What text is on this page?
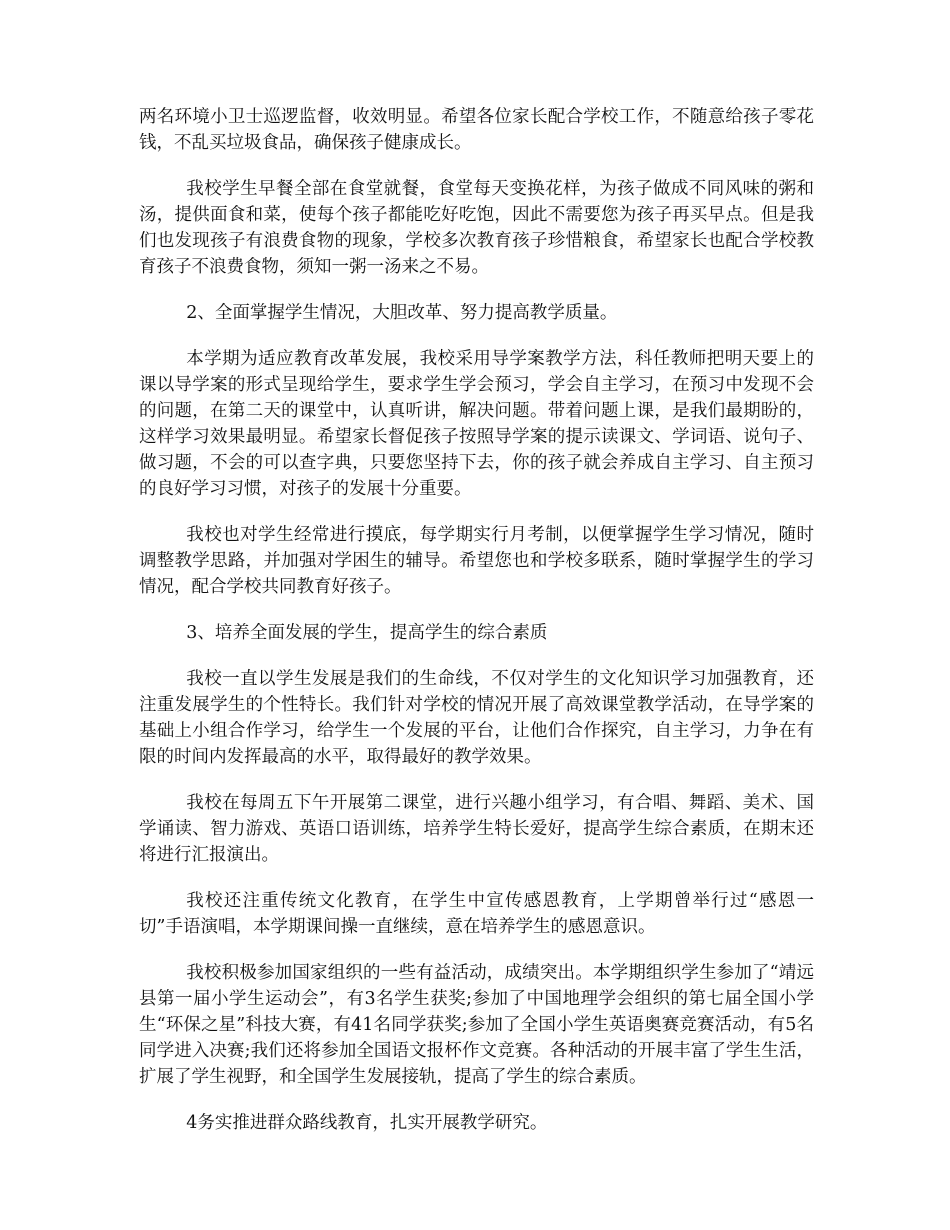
两名环境小卫士巡逻监督，收效明显。希望各位家长配合学校工作，不随意给孩子零花钱，不乱买垃圾食品，确保孩子健康成长。

我校学生早餐全部在食堂就餐，食堂每天变换花样，为孩子做成不同风味的粥和汤，提供面食和菜，使每个孩子都能吃好吃饱，因此不需要您为孩子再买早点。但是我们也发现孩子有浪费食物的现象，学校多次教育孩子珍惜粮食，希望家长也配合学校教育孩子不浪费食物，须知一粥一汤来之不易。

2、全面掌握学生情况，大胆改革、努力提高教学质量。

本学期为适应教育改革发展，我校采用导学案教学方法，科任教师把明天要上的课以导学案的形式呈现给学生，要求学生学会预习，学会自主学习，在预习中发现不会的问题，在第二天的课堂中，认真听讲，解决问题。带着问题上课，是我们最期盼的，这样学习效果最明显。希望家长督促孩子按照导学案的提示读课文、学词语、说句子、做习题，不会的可以查字典，只要您坚持下去，你的孩子就会养成自主学习、自主预习的良好学习习惯，对孩子的发展十分重要。

我校也对学生经常进行摸底，每学期实行月考制，以便掌握学生学习情况，随时调整教学思路，并加强对学困生的辅导。希望您也和学校多联系，随时掌握学生的学习情况，配合学校共同教育好孩子。

3、培养全面发展的学生，提高学生的综合素质

我校一直以学生发展是我们的生命线，不仅对学生的文化知识学习加强教育，还注重发展学生的个性特长。我们针对学校的情况开展了高效课堂教学活动，在导学案的基础上小组合作学习，给学生一个发展的平台，让他们合作探究，自主学习，力争在有限的时间内发挥最高的水平，取得最好的教学效果。

我校在每周五下午开展第二课堂，进行兴趣小组学习，有合唱、舞蹈、美术、国学诵读、智力游戏、英语口语训练，培养学生特长爱好，提高学生综合素质，在期末还将进行汇报演出。

我校还注重传统文化教育，在学生中宣传感恩教育，上学期曾举行过“感恩一切”手语演唱，本学期课间操一直继续，意在培养学生的感恩意识。

我校积极参加国家组织的一些有益活动，成绩突出。本学期组织学生参加了“靖远县第一届小学生运动会”，有3名学生获奖;参加了中国地理学会组织的第七届全国小学生“环保之星”科技大赛，有41名同学获奖;参加了全国小学生英语奥赛竞赛活动，有5名同学进入决赛;我们还将参加全国语文报杯作文竞赛。各种活动的开展丰富了学生生活，扩展了学生视野，和全国学生发展接轨，提高了学生的综合素质。

4务实推进群众路线教育，扎实开展教学研究。
